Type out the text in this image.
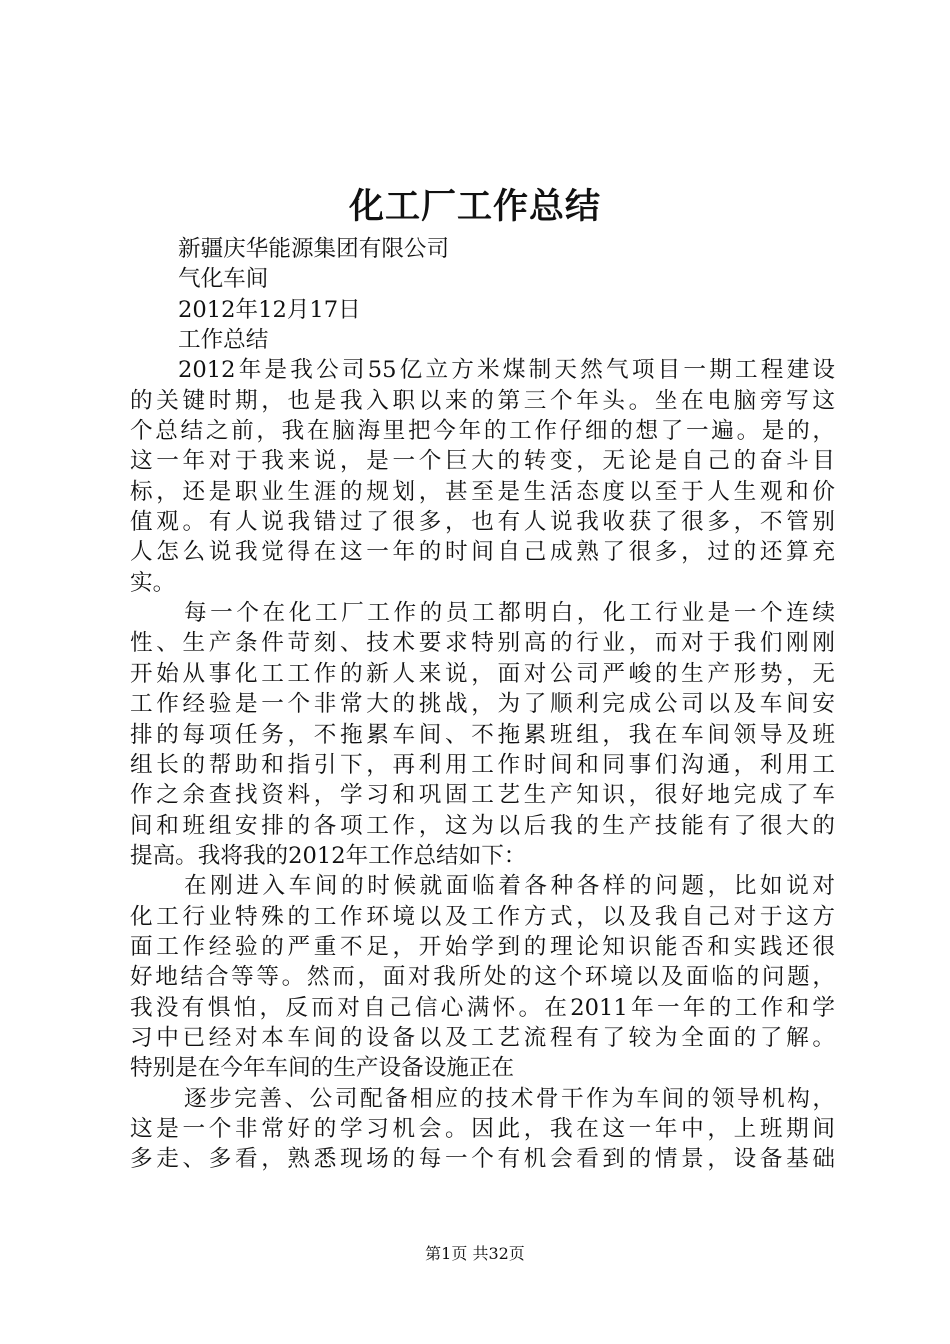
化工厂工作总结
新疆庆华能源集团有限公司
气化车间
2012年12月17日
工作总结
2012年是我公司55亿立方米煤制天然气项目一期工程建设
的关键时期，也是我入职以来的第三个年头。坐在电脑旁写这
个总结之前，我在脑海里把今年的工作仔细的想了一遍。是的，
这一年对于我来说，是一个巨大的转变，无论是自己的奋斗目
标，还是职业生涯的规划，甚至是生活态度以至于人生观和价
值观。有人说我错过了很多，也有人说我收获了很多，不管别
人怎么说我觉得在这一年的时间自己成熟了很多，过的还算充
实。
每一个在化工厂工作的员工都明白，化工行业是一个连续
性、生产条件苛刻、技术要求特别高的行业，而对于我们刚刚
开始从事化工工作的新人来说，面对公司严峻的生产形势，无
工作经验是一个非常大的挑战，为了顺利完成公司以及车间安
排的每项任务，不拖累车间、不拖累班组，我在车间领导及班
组长的帮助和指引下，再利用工作时间和同事们沟通，利用工
作之余查找资料，学习和巩固工艺生产知识，很好地完成了车
间和班组安排的各项工作，这为以后我的生产技能有了很大的
提高。我将我的2012年工作总结如下：
在刚进入车间的时候就面临着各种各样的问题，比如说对
化工行业特殊的工作环境以及工作方式，以及我自己对于这方
面工作经验的严重不足，开始学到的理论知识能否和实践还很
好地结合等等。然而，面对我所处的这个环境以及面临的问题，
我没有惧怕，反而对自己信心满怀。在2011年一年的工作和学
习中已经对本车间的设备以及工艺流程有了较为全面的了解。
特别是在今年车间的生产设备设施正在
逐步完善、公司配备相应的技术骨干作为车间的领导机构，
这是一个非常好的学习机会。因此，我在这一年中，上班期间
多走、多看，熟悉现场的每一个有机会看到的情景，设备基础
第1页 共32页
